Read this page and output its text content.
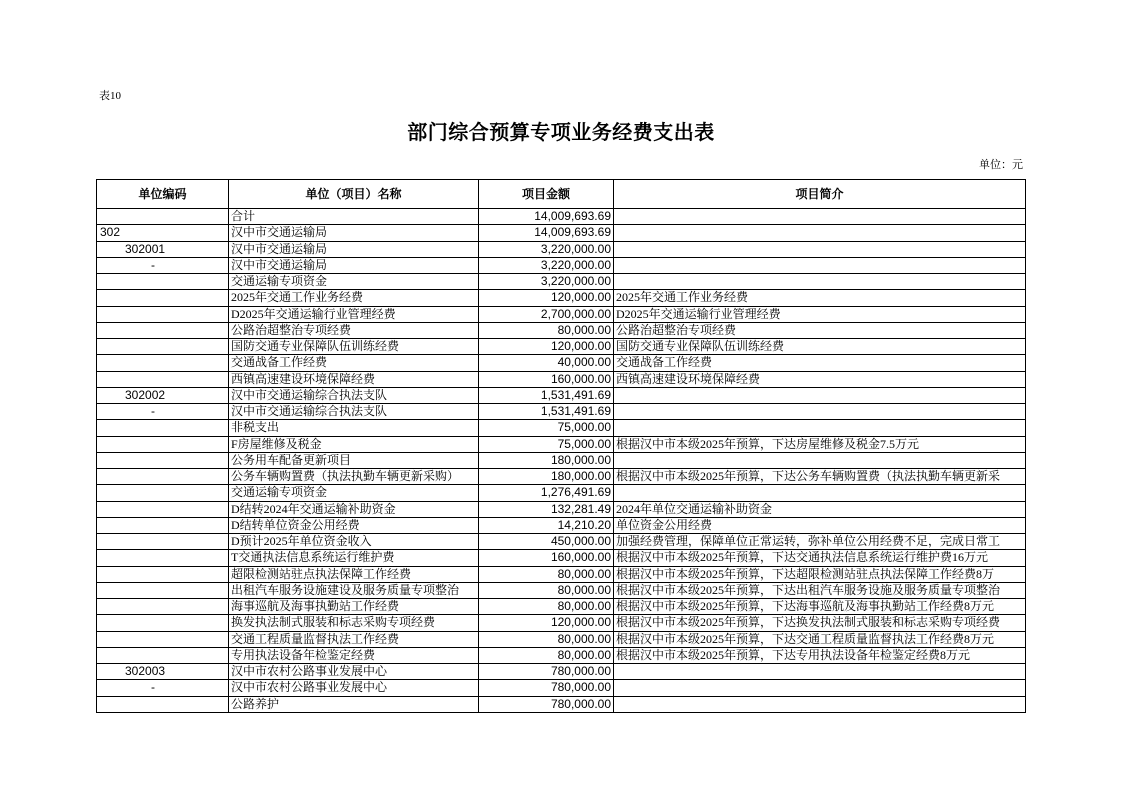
表10
部门综合预算专项业务经费支出表
单位：元
单位编码	单位（项目）名称	项目金额	项目简介
	合计	14,009,693.69	
302	汉中市交通运输局	14,009,693.69	
302001	汉中市交通运输局	3,220,000.00	
-	汉中市交通运输局	3,220,000.00	
	交通运输专项资金	3,220,000.00	
	2025年交通工作业务经费	120,000.00	2025年交通工作业务经费
	D2025年交通运输行业管理经费	2,700,000.00	D2025年交通运输行业管理经费
	公路治超整治专项经费	80,000.00	公路治超整治专项经费
	国防交通专业保障队伍训练经费	120,000.00	国防交通专业保障队伍训练经费
	交通战备工作经费	40,000.00	交通战备工作经费
	西镇高速建设环境保障经费	160,000.00	西镇高速建设环境保障经费
302002	汉中市交通运输综合执法支队	1,531,491.69	
-	汉中市交通运输综合执法支队	1,531,491.69	
	非税支出	75,000.00	
	F房屋维修及税金	75,000.00	根据汉中市本级2025年预算，下达房屋维修及税金7.5万元
	公务用车配备更新项目	180,000.00	
	公务车辆购置费（执法执勤车辆更新采购）	180,000.00	根据汉中市本级2025年预算，下达公务车辆购置费（执法执勤车辆更新采
	交通运输专项资金	1,276,491.69	
	D结转2024年交通运输补助资金	132,281.49	2024年单位交通运输补助资金
	D结转单位资金公用经费	14,210.20	单位资金公用经费
	D预计2025年单位资金收入	450,000.00	加强经费管理，保障单位正常运转，弥补单位公用经费不足，完成日常工
	T交通执法信息系统运行维护费	160,000.00	根据汉中市本级2025年预算，下达交通执法信息系统运行维护费16万元
	超限检测站驻点执法保障工作经费	80,000.00	根据汉中市本级2025年预算，下达超限检测站驻点执法保障工作经费8万
	出租汽车服务设施建设及服务质量专项整治	80,000.00	根据汉中市本级2025年预算，下达出租汽车服务设施及服务质量专项整治
	海事巡航及海事执勤站工作经费	80,000.00	根据汉中市本级2025年预算，下达海事巡航及海事执勤站工作经费8万元
	换发执法制式服装和标志采购专项经费	120,000.00	根据汉中市本级2025年预算，下达换发执法制式服装和标志采购专项经费
	交通工程质量监督执法工作经费	80,000.00	根据汉中市本级2025年预算，下达交通工程质量监督执法工作经费8万元
	专用执法设备年检鉴定经费	80,000.00	根据汉中市本级2025年预算，下达专用执法设备年检鉴定经费8万元
302003	汉中市农村公路事业发展中心	780,000.00	
-	汉中市农村公路事业发展中心	780,000.00	
	公路养护	780,000.00	
